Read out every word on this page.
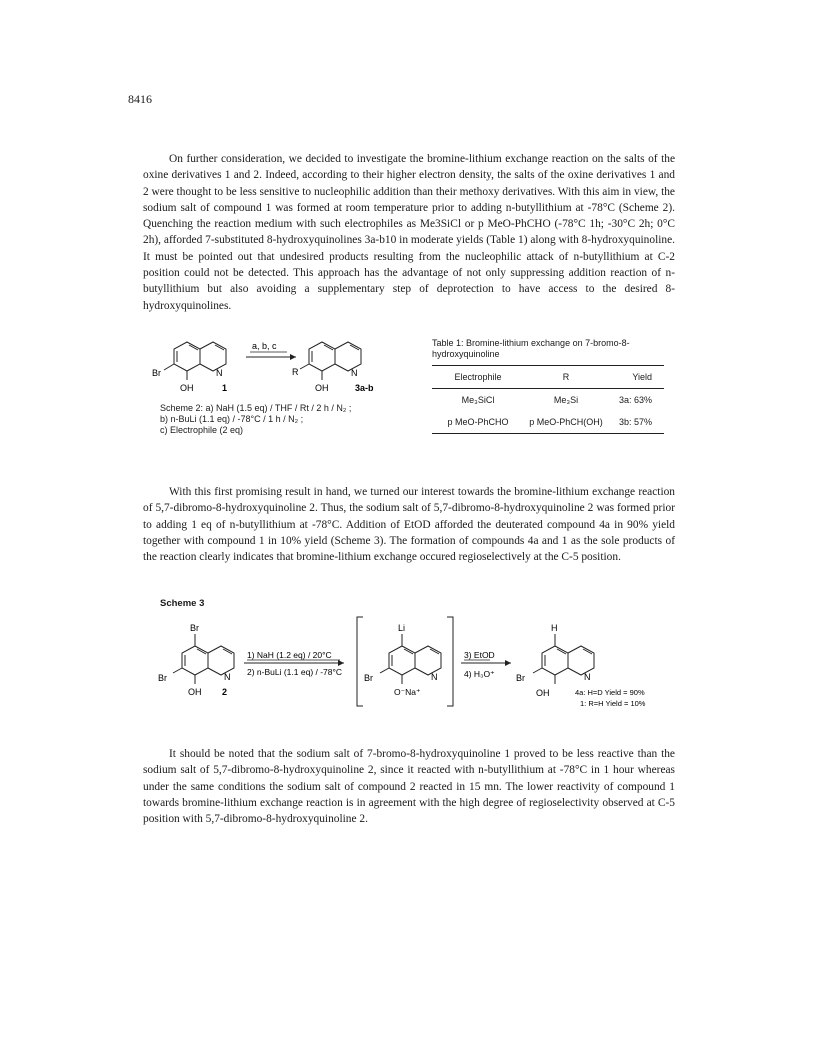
8416

On further consideration, we decided to investigate the bromine-lithium exchange reaction on the salts of the oxine derivatives 1 and 2. Indeed, according to their higher electron density, the salts of the oxine derivatives 1 and 2 were thought to be less sensitive to nucleophilic addition than their methoxy derivatives. With this aim in view, the sodium salt of compound 1 was formed at room temperature prior to adding n-butyllithium at -78°C (Scheme 2). Quenching the reaction medium with such electrophiles as Me3SiCl or p MeO-PhCHO (-78°C 1h; -30°C 2h; 0°C 2h), afforded 7-substituted 8-hydroxyquinolines 3a-b10 in moderate yields (Table 1) along with 8-hydroxyquinoline. It must be pointed out that undesired products resulting from the nucleophilic attack of n-butyllithium at C-2 position could not be detected. This approach has the advantage of not only suppressing addition reaction of n-butyllithium but also avoiding a supplementary step of deprotection to have access to the desired 8-hydroxyquinolines.

Br	N
OH	1
a, b, c
R	N
OH	3a-b
Scheme 2: a) NaH (1.5 eq) / THF / Rt / 2 h / N₂ ;
b) n-BuLi (1.1 eq) / -78°C / 1 h / N₂ ;
c) Electrophile (2 eq)
Table 1: Bromine-lithium exchange on 7-bromo-8-hydroxyquinoline
Electrophile	R	Yield
Me₃SiCl	Me₃Si	3a: 63%
p MeO-PhCHO	p MeO-PhCH(OH)	3b: 57%

With this first promising result in hand, we turned our interest towards the bromine-lithium exchange reaction of 5,7-dibromo-8-hydroxyquinoline 2. Thus, the sodium salt of 5,7-dibromo-8-hydroxyquinoline 2 was formed prior to adding 1 eq of n-butyllithium at -78°C. Addition of EtOD afforded the deuterated compound 4a in 90% yield together with compound 1 in 10% yield (Scheme 3). The formation of compounds 4a and 1 as the sole products of the reaction clearly indicates that bromine-lithium exchange occured regioselectively at the C-5 position.

Scheme 3
Br
Br	N
OH 2
1) NaH (1.2 eq) / 20°C
2) n-BuLi (1.1 eq) / -78°C
Li
Br	N
O⁻Na⁺
3) EtOD
4) H₃O⁺
H
Br	N
OH	4a: H=D Yield = 90%
1: R=H Yield = 10%

It should be noted that the sodium salt of 7-bromo-8-hydroxyquinoline 1 proved to be less reactive than the sodium salt of 5,7-dibromo-8-hydroxyquinoline 2, since it reacted with n-butyllithium at -78°C in 1 hour whereas under the same conditions the sodium salt of compound 2 reacted in 15 mn. The lower reactivity of compound 1 towards bromine-lithium exchange reaction is in agreement with the high degree of regioselectivity observed at C-5 position with 5,7-dibromo-8-hydroxyquinoline 2.
